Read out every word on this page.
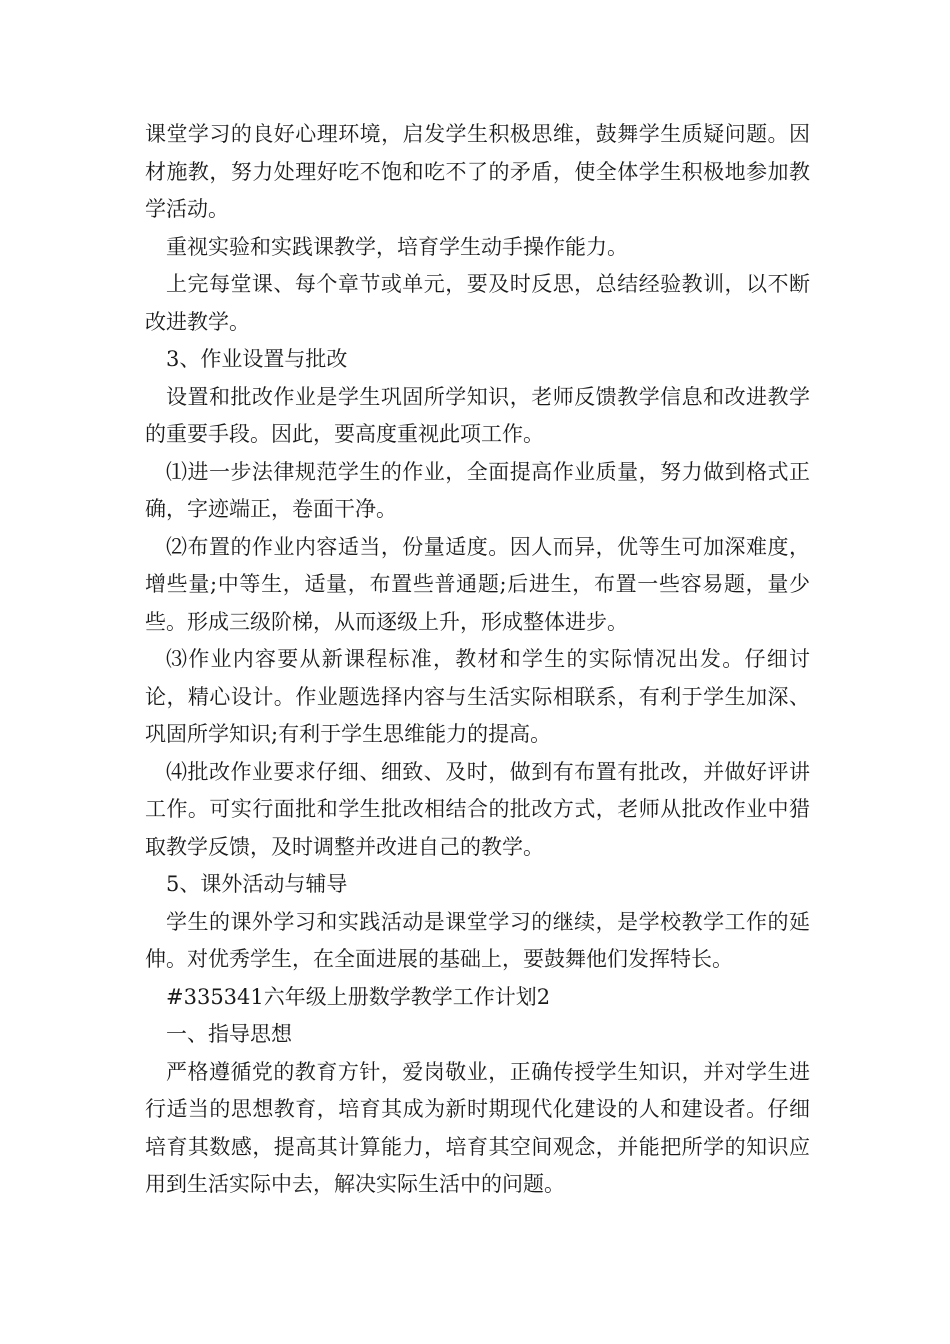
课堂学习的良好心理环境，启发学生积极思维，鼓舞学生质疑问题。因材施教，努力处理好吃不饱和吃不了的矛盾，使全体学生积极地参加教学活动。

重视实验和实践课教学，培育学生动手操作能力。

上完每堂课、每个章节或单元，要及时反思，总结经验教训，以不断改进教学。

3、作业设置与批改

设置和批改作业是学生巩固所学知识，老师反馈教学信息和改进教学的重要手段。因此，要高度重视此项工作。

⑴进一步法律规范学生的作业，全面提高作业质量，努力做到格式正确，字迹端正，卷面干净。

⑵布置的作业内容适当，份量适度。因人而异，优等生可加深难度，增些量;中等生，适量，布置些普通题;后进生，布置一些容易题，量少些。形成三级阶梯，从而逐级上升，形成整体进步。

⑶作业内容要从新课程标准，教材和学生的实际情况出发。仔细讨论，精心设计。作业题选择内容与生活实际相联系，有利于学生加深、巩固所学知识;有利于学生思维能力的提高。

⑷批改作业要求仔细、细致、及时，做到有布置有批改，并做好评讲工作。可实行面批和学生批改相结合的批改方式，老师从批改作业中猎取教学反馈，及时调整并改进自己的教学。

5、课外活动与辅导

学生的课外学习和实践活动是课堂学习的继续，是学校教学工作的延伸。对优秀学生，在全面进展的基础上，要鼓舞他们发挥特长。

#335341六年级上册数学教学工作计划2

一、指导思想

严格遵循党的教育方针，爱岗敬业，正确传授学生知识，并对学生进行适当的思想教育，培育其成为新时期现代化建设的人和建设者。仔细培育其数感，提高其计算能力，培育其空间观念，并能把所学的知识应用到生活实际中去，解决实际生活中的问题。
